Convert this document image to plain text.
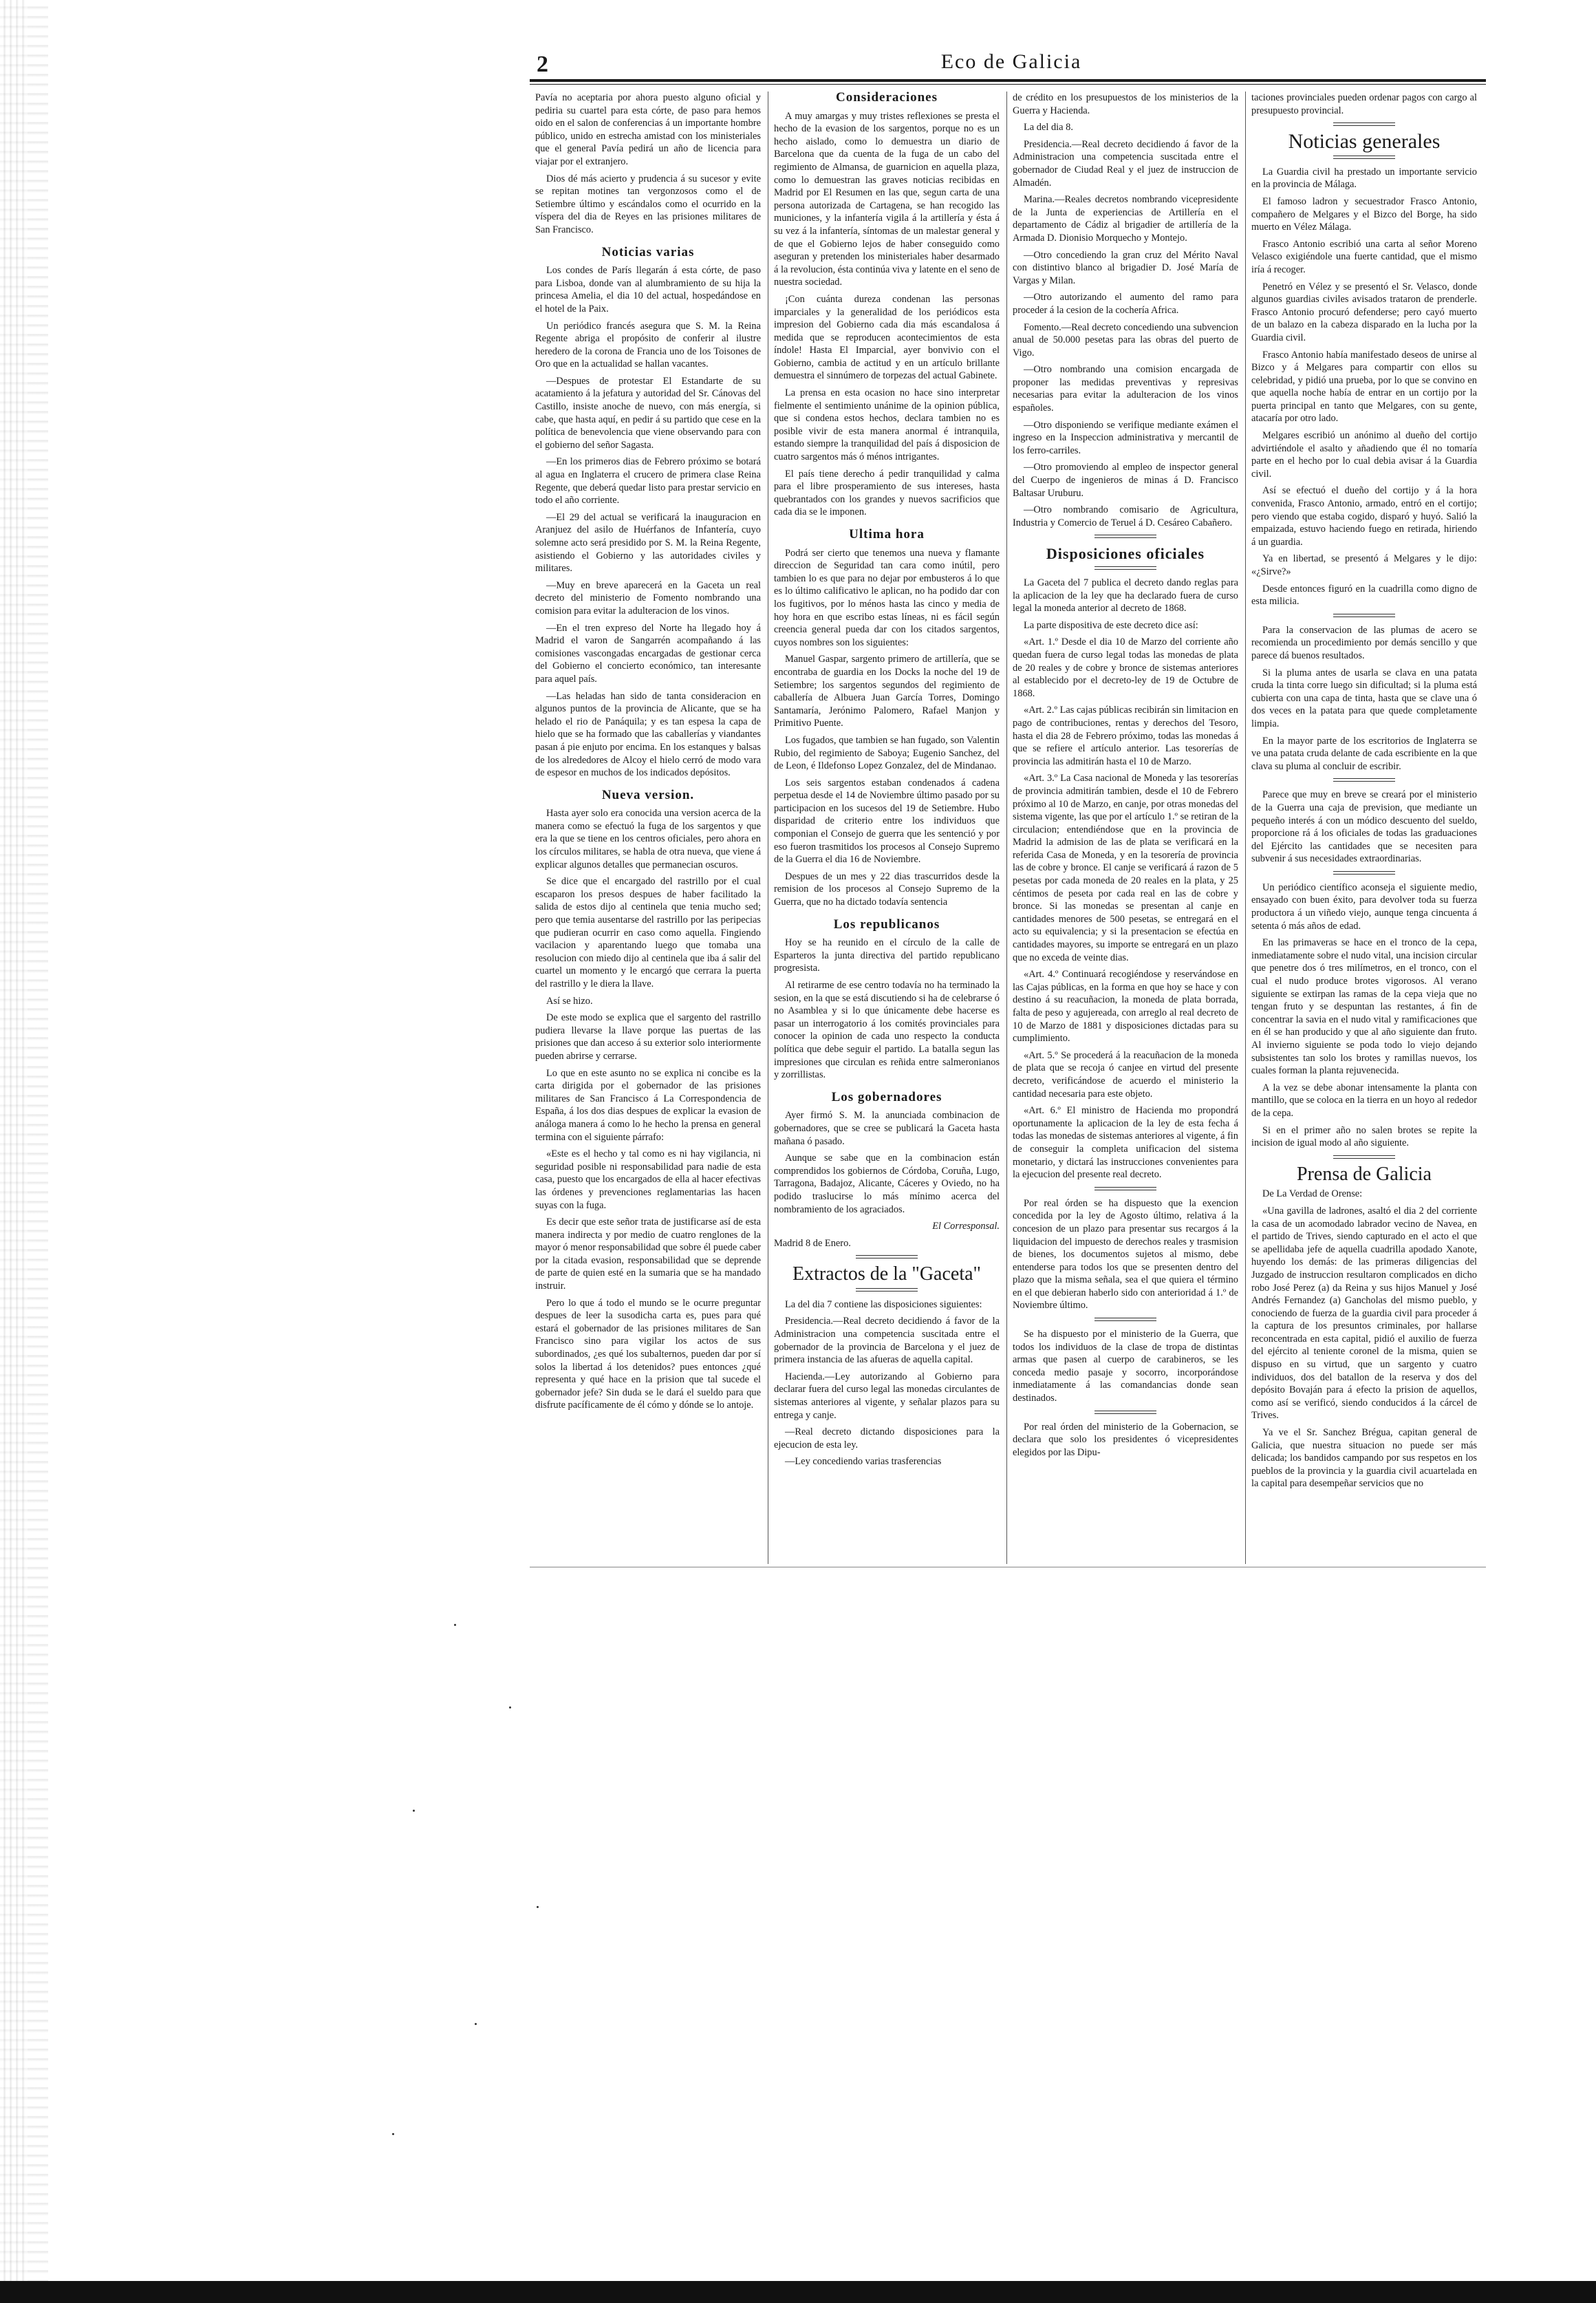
2	Eco de Galicia

Pavía no aceptaria por ahora puesto alguno oficial y pediria su cuartel para esta córte, de paso para hemos oido en el salon de conferencias á un importante hombre público, unido en estrecha amistad con los ministeriales que el general Pavía pedirá un año de licencia para viajar por el extranjero.

Dios dé más acierto y prudencia á su sucesor y evite se repitan motines tan vergonzosos como el de Setiembre último y escándalos como el ocurrido en la víspera del dia de Reyes en las prisiones militares de San Francisco.

Noticias varias

Los condes de París llegarán á esta córte, de paso para Lisboa, donde van al alumbramiento de su hija la princesa Amelia, el dia 10 del actual, hospedándose en el hotel de la Paix.

Un periódico francés asegura que S. M. la Reina Regente abriga el propósito de conferir al ilustre heredero de la corona de Francia uno de los Toisones de Oro que en la actualidad se hallan vacantes.

—Despues de protestar El Estandarte de su acatamiento á la jefatura y autoridad del Sr. Cánovas del Castillo, insiste anoche de nuevo, con más energía, si cabe, que hasta aquí, en pedir á su partido que cese en la política de benevolencia que viene observando para con el gobierno del señor Sagasta.

—En los primeros dias de Febrero próximo se botará al agua en Inglaterra el crucero de primera clase Reina Regente, que deberá quedar listo para prestar servicio en todo el año corriente.

—El 29 del actual se verificará la inauguracion en Aranjuez del asilo de Huérfanos de Infantería, cuyo solemne acto será presidido por S. M. la Reina Regente, asistiendo el Gobierno y las autoridades civiles y militares.

—Muy en breve aparecerá en la Gaceta un real decreto del ministerio de Fomento nombrando una comision para evitar la adulteracion de los vinos.

—En el tren expreso del Norte ha llegado hoy á Madrid el varon de Sangarrén acompañando á las comisiones vascongadas encargadas de gestionar cerca del Gobierno el concierto económico, tan interesante para aquel país.

—Las heladas han sido de tanta consideracion en algunos puntos de la provincia de Alicante, que se ha helado el rio de Panáquila; y es tan espesa la capa de hielo que se ha formado que las caballerías y viandantes pasan á pie enjuto por encima. En los estanques y balsas de los alrededores de Alcoy el hielo cerró de modo vara de espesor en muchos de los indicados depósitos.

Nueva version.

Hasta ayer solo era conocida una version acerca de la manera como se efectuó la fuga de los sargentos y que era la que se tiene en los centros oficiales, pero ahora en los círculos militares, se habla de otra nueva, que viene á explicar algunos detalles que permanecian oscuros.

Se dice que el encargado del rastrillo por el cual escaparon los presos despues de haber facilitado la salida de estos dijo al centinela que tenia mucho sed; pero que temia ausentarse del rastrillo por las peripecias que pudieran ocurrir en caso como aquella. Fingiendo vacilacion y aparentando luego que tomaba una resolucion con miedo dijo al centinela que iba á salir del cuartel un momento y le encargó que cerrara la puerta del rastrillo y le diera la llave.

Así se hizo.

De este modo se explica que el sargento del rastrillo pudiera llevarse la llave porque las puertas de las prisiones que dan acceso á su exterior solo interiormente pueden abrirse y cerrarse.

Lo que en este asunto no se explica ni concibe es la carta dirigida por el gobernador de las prisiones militares de San Francisco á La Correspondencia de España, á los dos dias despues de explicar la evasion de análoga manera á como lo he hecho la prensa en general termina con el siguiente párrafo:

«Este es el hecho y tal como es ni hay vigilancia, ni seguridad posible ni responsabilidad para nadie de esta casa, puesto que los encargados de ella al hacer efectivas las órdenes y prevenciones reglamentarias las hacen suyas con la fuga.

Es decir que este señor trata de justificarse así de esta manera indirecta y por medio de cuatro renglones de la mayor ó menor responsabilidad que sobre él puede caber por la citada evasion, responsabilidad que se deprende de parte de quien esté en la sumaria que se ha mandado instruir.

Pero lo que á todo el mundo se le ocurre preguntar despues de leer la susodicha carta es, pues para qué estará el gobernador de las prisiones militares de San Francisco sino para vigilar los actos de sus subordinados, ¿es qué los subalternos, pueden dar por sí solos la libertad á los detenidos? pues entonces ¿qué representa y qué hace en la prision que tal sucede el gobernador jefe? Sin duda se le dará el sueldo para que disfrute pacíficamente de él cómo y dónde se lo antoje.

Consideraciones

A muy amargas y muy tristes reflexiones se presta el hecho de la evasion de los sargentos, porque no es un hecho aislado, como lo demuestra un diario de Barcelona que da cuenta de la fuga de un cabo del regimiento de Almansa, de guarnicion en aquella plaza, como lo demuestran las graves noticias recibidas en Madrid por El Resumen en las que, segun carta de una persona autorizada de Cartagena, se han recogido las municiones, y la infantería vigila á la artillería y ésta á su vez á la infantería, síntomas de un malestar general y de que el Gobierno lejos de haber conseguido como aseguran y pretenden los ministeriales haber desarmado á la revolucion, ésta continúa viva y latente en el seno de nuestra sociedad.

¡Con cuánta dureza condenan las personas imparciales y la generalidad de los periódicos esta impresion del Gobierno cada dia más escandalosa á medida que se reproducen acontecimientos de esta índole! Hasta El Imparcial, ayer bonvivio con el Gobierno, cambia de actitud y en un artículo brillante demuestra el sinnúmero de torpezas del actual Gabinete.

La prensa en esta ocasion no hace sino interpretar fielmente el sentimiento unánime de la opinion pública, que si condena estos hechos, declara tambien no es posible vivir de esta manera anormal é intranquila, estando siempre la tranquilidad del país á disposicion de cuatro sargentos más ó ménos intrigantes.

El país tiene derecho á pedir tranquilidad y calma para el libre prosperamiento de sus intereses, hasta quebrantados con los grandes y nuevos sacrificios que cada dia se le imponen.

Ultima hora

Podrá ser cierto que tenemos una nueva y flamante direccion de Seguridad tan cara como inútil, pero tambien lo es que para no dejar por embusteros á lo que es lo último calificativo le aplican, no ha podido dar con los fugitivos, por lo ménos hasta las cinco y media de hoy hora en que escribo estas líneas, ni es fácil según creencia general pueda dar con los citados sargentos, cuyos nombres son los siguientes:

Manuel Gaspar, sargento primero de artillería, que se encontraba de guardia en los Docks la noche del 19 de Setiembre; los sargentos segundos del regimiento de caballería de Albuera Juan García Torres, Domingo Santamaría, Jerónimo Palomero, Rafael Manjon y Primitivo Puente.

Los fugados, que tambien se han fugado, son Valentin Rubio, del regimiento de Saboya; Eugenio Sanchez, del de Leon, é Ildefonso Lopez Gonzalez, del de Mindanao.

Los seis sargentos estaban condenados á cadena perpetua desde el 14 de Noviembre último pasado por su participacion en los sucesos del 19 de Setiembre. Hubo disparidad de criterio entre los individuos que componian el Consejo de guerra que les sentenció y por eso fueron trasmitidos los procesos al Consejo Supremo de la Guerra el dia 16 de Noviembre.

Despues de un mes y 22 dias trascurridos desde la remision de los procesos al Consejo Supremo de la Guerra, que no ha dictado todavía sentencia

Los republicanos

Hoy se ha reunido en el círculo de la calle de Esparteros la junta directiva del partido republicano progresista.

Al retirarme de ese centro todavía no ha terminado la sesion, en la que se está discutiendo si ha de celebrarse ó no Asamblea y si lo que únicamente debe hacerse es pasar un interrogatorio á los comités provinciales para conocer la opinion de cada uno respecto la conducta política que debe seguir el partido. La batalla segun las impresiones que circulan es reñida entre salmeronianos y zorrillistas.

Los gobernadores

Ayer firmó S. M. la anunciada combinacion de gobernadores, que se cree se publicará la Gaceta hasta mañana ó pasado.

Aunque se sabe que en la combinacion están comprendidos los gobiernos de Córdoba, Coruña, Lugo, Tarragona, Badajoz, Alicante, Cáceres y Oviedo, no ha podido traslucirse lo más mínimo acerca del nombramiento de los agraciados.

El Corresponsal.

Madrid 8 de Enero.

Extractos de la "Gaceta"

La del dia 7 contiene las disposiciones siguientes:

Presidencia.—Real decreto decidiendo á favor de la Administracion una competencia suscitada entre el gobernador de la provincia de Barcelona y el juez de primera instancia de las afueras de aquella capital.

Hacienda.—Ley autorizando al Gobierno para declarar fuera del curso legal las monedas circulantes de sistemas anteriores al vigente, y señalar plazos para su entrega y canje.

—Real decreto dictando disposiciones para la ejecucion de esta ley.

—Ley concediendo varias trasferencias

de crédito en los presupuestos de los ministerios de la Guerra y Hacienda.

La del dia 8.

Presidencia.—Real decreto decidiendo á favor de la Administracion una competencia suscitada entre el gobernador de Ciudad Real y el juez de instruccion de Almadén.

Marina.—Reales decretos nombrando vicepresidente de la Junta de experiencias de Artillería en el departamento de Cádiz al brigadier de artillería de la Armada D. Dionisio Morquecho y Montejo.

—Otro concediendo la gran cruz del Mérito Naval con distintivo blanco al brigadier D. José María de Vargas y Milan.

—Otro autorizando el aumento del ramo para proceder á la cesion de la cochería Africa.

Fomento.—Real decreto concediendo una subvencion anual de 50.000 pesetas para las obras del puerto de Vigo.

—Otro nombrando una comision encargada de proponer las medidas preventivas y represivas necesarias para evitar la adulteracion de los vinos españoles.

—Otro disponiendo se verifique mediante exámen el ingreso en la Inspeccion administrativa y mercantil de los ferro-carriles.

—Otro promoviendo al empleo de inspector general del Cuerpo de ingenieros de minas á D. Francisco Baltasar Uruburu.

—Otro nombrando comisario de Agricultura, Industria y Comercio de Teruel á D. Cesáreo Cabañero.

Disposiciones oficiales

La Gaceta del 7 publica el decreto dando reglas para la aplicacion de la ley que ha declarado fuera de curso legal la moneda anterior al decreto de 1868.

La parte dispositiva de este decreto dice así:

«Art. 1.º Desde el dia 10 de Marzo del corriente año quedan fuera de curso legal todas las monedas de plata de 20 reales y de cobre y bronce de sistemas anteriores al establecido por el decreto-ley de 19 de Octubre de 1868.

«Art. 2.º Las cajas públicas recibirán sin limitacion en pago de contribuciones, rentas y derechos del Tesoro, hasta el dia 28 de Febrero próximo, todas las monedas á que se refiere el artículo anterior. Las tesorerías de provincia las admitirán hasta el 10 de Marzo.

«Art. 3.º La Casa nacional de Moneda y las tesorerías de provincia admitirán tambien, desde el 10 de Febrero próximo al 10 de Marzo, en canje, por otras monedas del sistema vigente, las que por el artículo 1.º se retiran de la circulacion; entendiéndose que en la provincia de Madrid la admision de las de plata se verificará en la referida Casa de Moneda, y en la tesorería de provincia las de cobre y bronce. El canje se verificará á razon de 5 pesetas por cada moneda de 20 reales en la plata, y 25 céntimos de peseta por cada real en las de cobre y bronce. Si las monedas se presentan al canje en cantidades menores de 500 pesetas, se entregará en el acto su equivalencia; y si la presentacion se efectúa en cantidades mayores, su importe se entregará en un plazo que no exceda de veinte dias.

«Art. 4.º Continuará recogiéndose y reservándose en las Cajas públicas, en la forma en que hoy se hace y con destino á su reacuñacion, la moneda de plata borrada, falta de peso y agujereada, con arreglo al real decreto de 10 de Marzo de 1881 y disposiciones dictadas para su cumplimiento.

«Art. 5.º Se procederá á la reacuñacion de la moneda de plata que se recoja ó canjee en virtud del presente decreto, verificándose de acuerdo el ministerio la cantidad necesaria para este objeto.

«Art. 6.º El ministro de Hacienda mo propondrá oportunamente la aplicacion de la ley de esta fecha á todas las monedas de sistemas anteriores al vigente, á fin de conseguir la completa unificacion del sistema monetario, y dictará las instrucciones convenientes para la ejecucion del presente real decreto.

Por real órden se ha dispuesto que la exencion concedida por la ley de Agosto último, relativa á la concesion de un plazo para presentar sus recargos á la liquidacion del impuesto de derechos reales y trasmision de bienes, los documentos sujetos al mismo, debe entenderse para todos los que se presenten dentro del plazo que la misma señala, sea el que quiera el término en el que debieran haberlo sido con anterioridad á 1.º de Noviembre último.

Se ha dispuesto por el ministerio de la Guerra, que todos los individuos de la clase de tropa de distintas armas que pasen al cuerpo de carabineros, se les conceda medio pasaje y socorro, incorporándose inmediatamente á las comandancias donde sean destinados.

Por real órden del ministerio de la Gobernacion, se declara que solo los presidentes ó vicepresidentes elegidos por las Dipu-

taciones provinciales pueden ordenar pagos con cargo al presupuesto provincial.

Noticias generales

La Guardia civil ha prestado un importante servicio en la provincia de Málaga.

El famoso ladron y secuestrador Frasco Antonio, compañero de Melgares y el Bizco del Borge, ha sido muerto en Vélez Málaga.

Frasco Antonio escribió una carta al señor Moreno Velasco exigiéndole una fuerte cantidad, que el mismo iría á recoger.

Penetró en Vélez y se presentó el Sr. Velasco, donde algunos guardias civiles avisados trataron de prenderle. Frasco Antonio procuró defenderse; pero cayó muerto de un balazo en la cabeza disparado en la lucha por la Guardia civil.

Frasco Antonio había manifestado deseos de unirse al Bizco y á Melgares para compartir con ellos su celebridad, y pidió una prueba, por lo que se convino en que aquella noche había de entrar en un cortijo por la puerta principal en tanto que Melgares, con su gente, atacaría por otro lado.

Melgares escribió un anónimo al dueño del cortijo advirtiéndole el asalto y añadiendo que él no tomaría parte en el hecho por lo cual debia avisar á la Guardia civil.

Así se efectuó el dueño del cortijo y á la hora convenida, Frasco Antonio, armado, entró en el cortijo; pero viendo que estaba cogido, disparó y huyó. Salió la empaizada, estuvo haciendo fuego en retirada, hiriendo á un guardia.

Ya en libertad, se presentó á Melgares y le dijo: «¿Sirve?»

Desde entonces figuró en la cuadrilla como digno de esta milicia.

Para la conservacion de las plumas de acero se recomienda un procedimiento por demás sencillo y que parece dá buenos resultados.

Si la pluma antes de usarla se clava en una patata cruda la tinta corre luego sin dificultad; si la pluma está cubierta con una capa de tinta, hasta que se clave una ó dos veces en la patata para que quede completamente limpia.

En la mayor parte de los escritorios de Inglaterra se ve una patata cruda delante de cada escribiente en la que clava su pluma al concluir de escribir.

Parece que muy en breve se creará por el ministerio de la Guerra una caja de prevision, que mediante un pequeño interés á con un módico descuento del sueldo, proporcione rá á los oficiales de todas las graduaciones del Ejército las cantidades que se necesiten para subvenir á sus necesidades extraordinarias.

Un periódico científico aconseja el siguiente medio, ensayado con buen éxito, para devolver toda su fuerza productora á un viñedo viejo, aunque tenga cincuenta á setenta ó más años de edad.

En las primaveras se hace en el tronco de la cepa, inmediatamente sobre el nudo vital, una incision circular que penetre dos ó tres milímetros, en el tronco, con el cual el nudo produce brotes vigorosos. Al verano siguiente se extirpan las ramas de la cepa vieja que no tengan fruto y se despuntan las restantes, á fin de concentrar la savia en el nudo vital y ramificaciones que en él se han producido y que al año siguiente dan fruto. Al invierno siguiente se poda todo lo viejo dejando subsistentes tan solo los brotes y ramillas nuevos, los cuales forman la planta rejuvenecida.

A la vez se debe abonar intensamente la planta con mantillo, que se coloca en la tierra en un hoyo al rededor de la cepa.

Si en el primer año no salen brotes se repite la incision de igual modo al año siguiente.

Prensa de Galicia

De La Verdad de Orense:

«Una gavilla de ladrones, asaltó el dia 2 del corriente la casa de un acomodado labrador vecino de Navea, en el partido de Trives, siendo capturado en el acto el que se apellidaba jefe de aquella cuadrilla apodado Xanote, huyendo los demás: de las primeras diligencias del Juzgado de instruccion resultaron complicados en dicho robo José Perez (a) da Reina y sus hijos Manuel y José Andrés Fernandez (a) Gancholas del mismo pueblo, y conociendo de fuerza de la guardia civil para proceder á la captura de los presuntos criminales, por hallarse reconcentrada en esta capital, pidió el auxilio de fuerza del ejército al teniente coronel de la misma, quien se dispuso en su virtud, que un sargento y cuatro individuos, dos del batallon de la reserva y dos del depósito Bovaján para á efecto la prision de aquellos, como así se verificó, siendo conducidos á la cárcel de Trives.

Ya ve el Sr. Sanchez Brégua, capitan general de Galicia, que nuestra situacion no puede ser más delicada; los bandidos campando por sus respetos en los pueblos de la provincia y la guardia civil acuartelada en la capital para desempeñar servicios que no
